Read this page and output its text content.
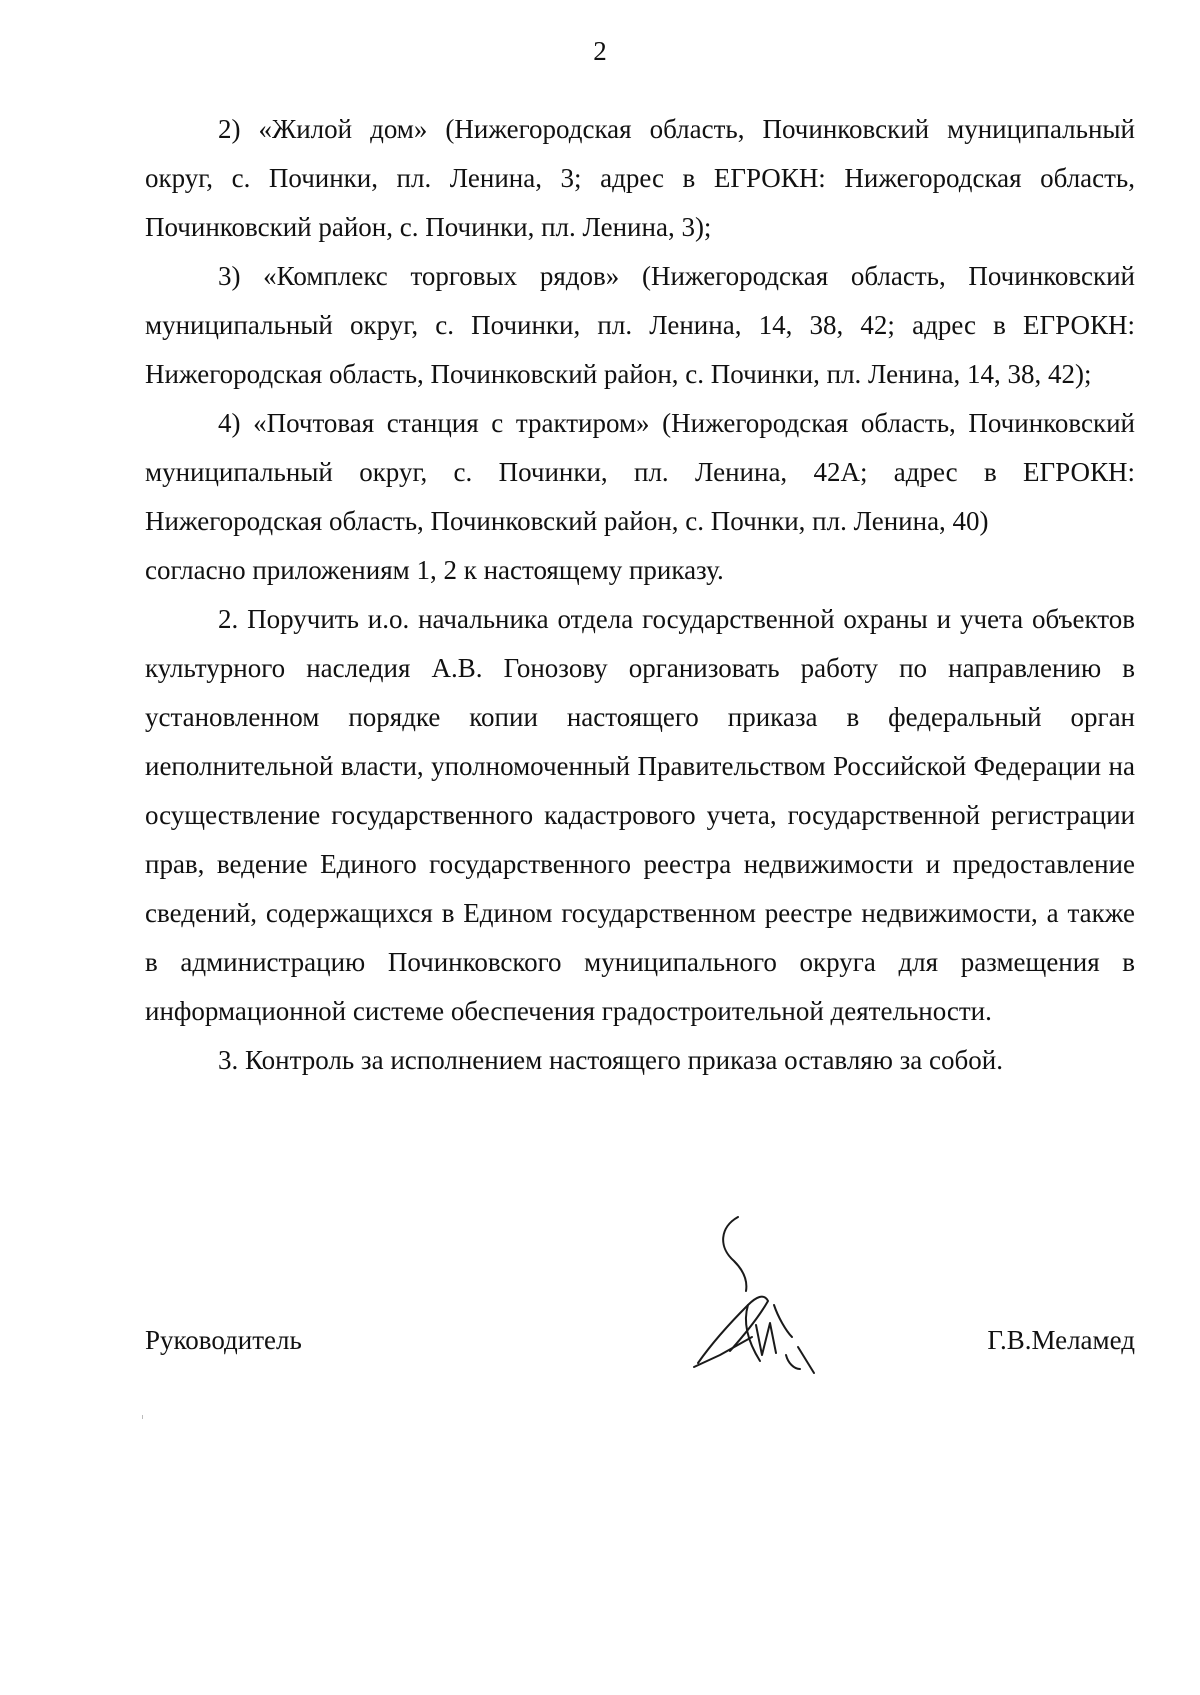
2

2) «Жилой дом» (Нижегородская область, Починковский муниципальный округ, с. Починки, пл. Ленина, 3; адрес в ЕГРОКН: Нижегородская область, Починковский район, с. Починки, пл. Ленина, 3);

3) «Комплекс торговых рядов» (Нижегородская область, Починковский муниципальный округ, с. Починки, пл. Ленина, 14, 38, 42; адрес в ЕГРОКН: Нижегородская область, Починковский район, с. Починки, пл. Ленина, 14, 38, 42);

4) «Почтовая станция с трактиром» (Нижегородская область, Починковский муниципальный округ, с. Починки, пл. Ленина, 42А; адрес в ЕГРОКН: Нижегородская область, Починковский район, с. Почнки, пл. Ленина, 40)

согласно приложениям 1, 2 к настоящему приказу.

2. Поручить и.о. начальника отдела государственной охраны и учета объектов культурного наследия А.В. Гонозову организовать работу по направлению в установленном порядке копии настоящего приказа в федеральный орган иеполнительной власти, уполномоченный Правительством Российской Федерации на осуществление государственного кадастрового учета, государственной регистрации прав, ведение Единого государственного реестра недвижимости и предоставление сведений, содержащихся в Едином государственном реестре недвижимости, а также в администрацию Починковского муниципального округа для размещения в информационной системе обеспечения градостроительной деятельности.

3. Контроль за исполнением настоящего приказа оставляю за собой.

Руководитель	Г.В.Меламед
